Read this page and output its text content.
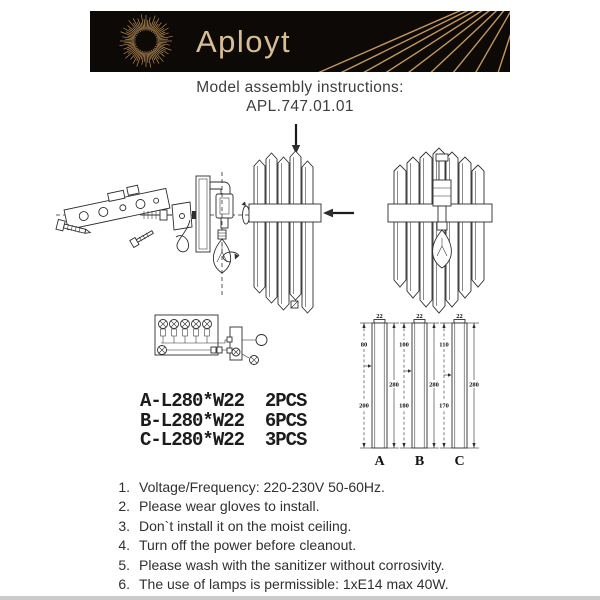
Aployt
Model assembly instructions:
APL.747.01.01
A-L280*W22  2PCS
B-L280*W22  6PCS
C-L280*W22  3PCS
22
80
200
280
A
22
100
180
280
B
22
110
170
280
C
1. Voltage/Frequency: 220-230V 50-60Hz.
2. Please wear gloves to install.
3. Don`t install it on the moist ceiling.
4. Turn off the power before cleanout.
5. Please wash with the sanitizer without corrosivity.
6. The use of lamps is permissible: 1xE14 max 40W.
